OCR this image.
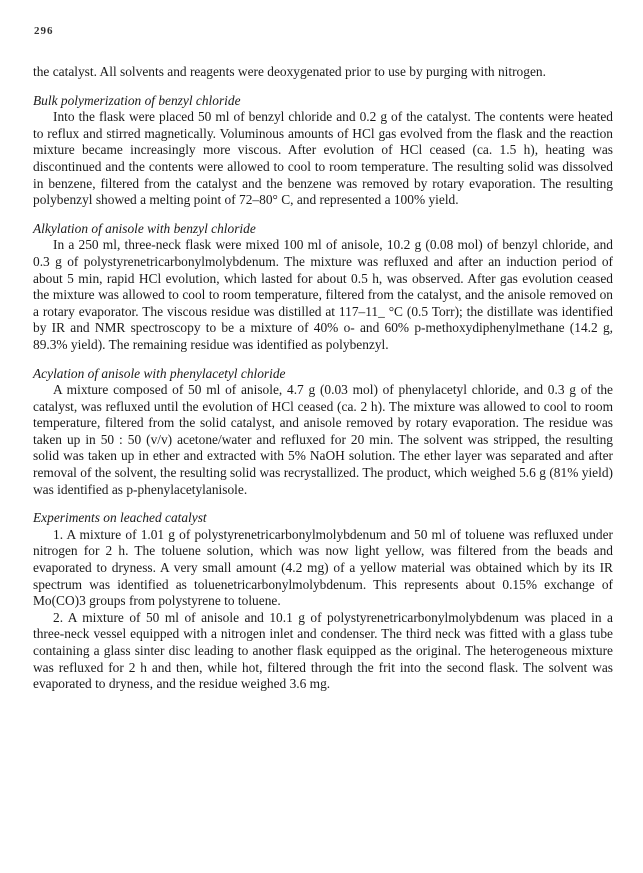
296

the catalyst. All solvents and reagents were deoxygenated prior to use by purging with nitrogen.

Bulk polymerization of benzyl chloride

Into the flask were placed 50 ml of benzyl chloride and 0.2 g of the catalyst. The contents were heated to reflux and stirred magnetically. Voluminous amounts of HCl gas evolved from the flask and the reaction mixture became increasingly more viscous. After evolution of HCl ceased (ca. 1.5 h), heating was discontinued and the contents were allowed to cool to room temperature. The resulting solid was dissolved in benzene, filtered from the catalyst and the benzene was removed by rotary evaporation. The resulting polybenzyl showed a melting point of 72–80° C, and represented a 100% yield.

Alkylation of anisole with benzyl chloride

In a 250 ml, three-neck flask were mixed 100 ml of anisole, 10.2 g (0.08 mol) of benzyl chloride, and 0.3 g of polystyrenetricarbonylmolybdenum. The mixture was refluxed and after an induction period of about 5 min, rapid HCl evolution, which lasted for about 0.5 h, was observed. After gas evolution ceased the mixture was allowed to cool to room temperature, filtered from the catalyst, and the anisole removed on a rotary evaporator. The viscous residue was distilled at 117–11_ °C (0.5 Torr); the distillate was identified by IR and NMR spectroscopy to be a mixture of 40% o- and 60% p-methoxydiphenylmethane (14.2 g, 89.3% yield). The remaining residue was identified as polybenzyl.

Acylation of anisole with phenylacetyl chloride

A mixture composed of 50 ml of anisole, 4.7 g (0.03 mol) of phenylacetyl chloride, and 0.3 g of the catalyst, was refluxed until the evolution of HCl ceased (ca. 2 h). The mixture was allowed to cool to room temperature, filtered from the solid catalyst, and anisole removed by rotary evaporation. The residue was taken up in 50 : 50 (v/v) acetone/water and refluxed for 20 min. The solvent was stripped, the resulting solid was taken up in ether and extracted with 5% NaOH solution. The ether layer was separated and after removal of the solvent, the resulting solid was recrystallized. The product, which weighed 5.6 g (81% yield) was identified as p-phenylacetylanisole.

Experiments on leached catalyst

1. A mixture of 1.01 g of polystyrenetricarbonylmolybdenum and 50 ml of toluene was refluxed under nitrogen for 2 h. The toluene solution, which was now light yellow, was filtered from the beads and evaporated to dryness. A very small amount (4.2 mg) of a yellow material was obtained which by its IR spectrum was identified as toluenetricarbonylmolybdenum. This represents about 0.15% exchange of Mo(CO)3 groups from polystyrene to toluene.

2. A mixture of 50 ml of anisole and 10.1 g of polystyrenetricarbonylmolybdenum was placed in a three-neck vessel equipped with a nitrogen inlet and condenser. The third neck was fitted with a glass tube containing a glass sinter disc leading to another flask equipped as the original. The heterogeneous mixture was refluxed for 2 h and then, while hot, filtered through the frit into the second flask. The solvent was evaporated to dryness, and the residue weighed 3.6 mg.
